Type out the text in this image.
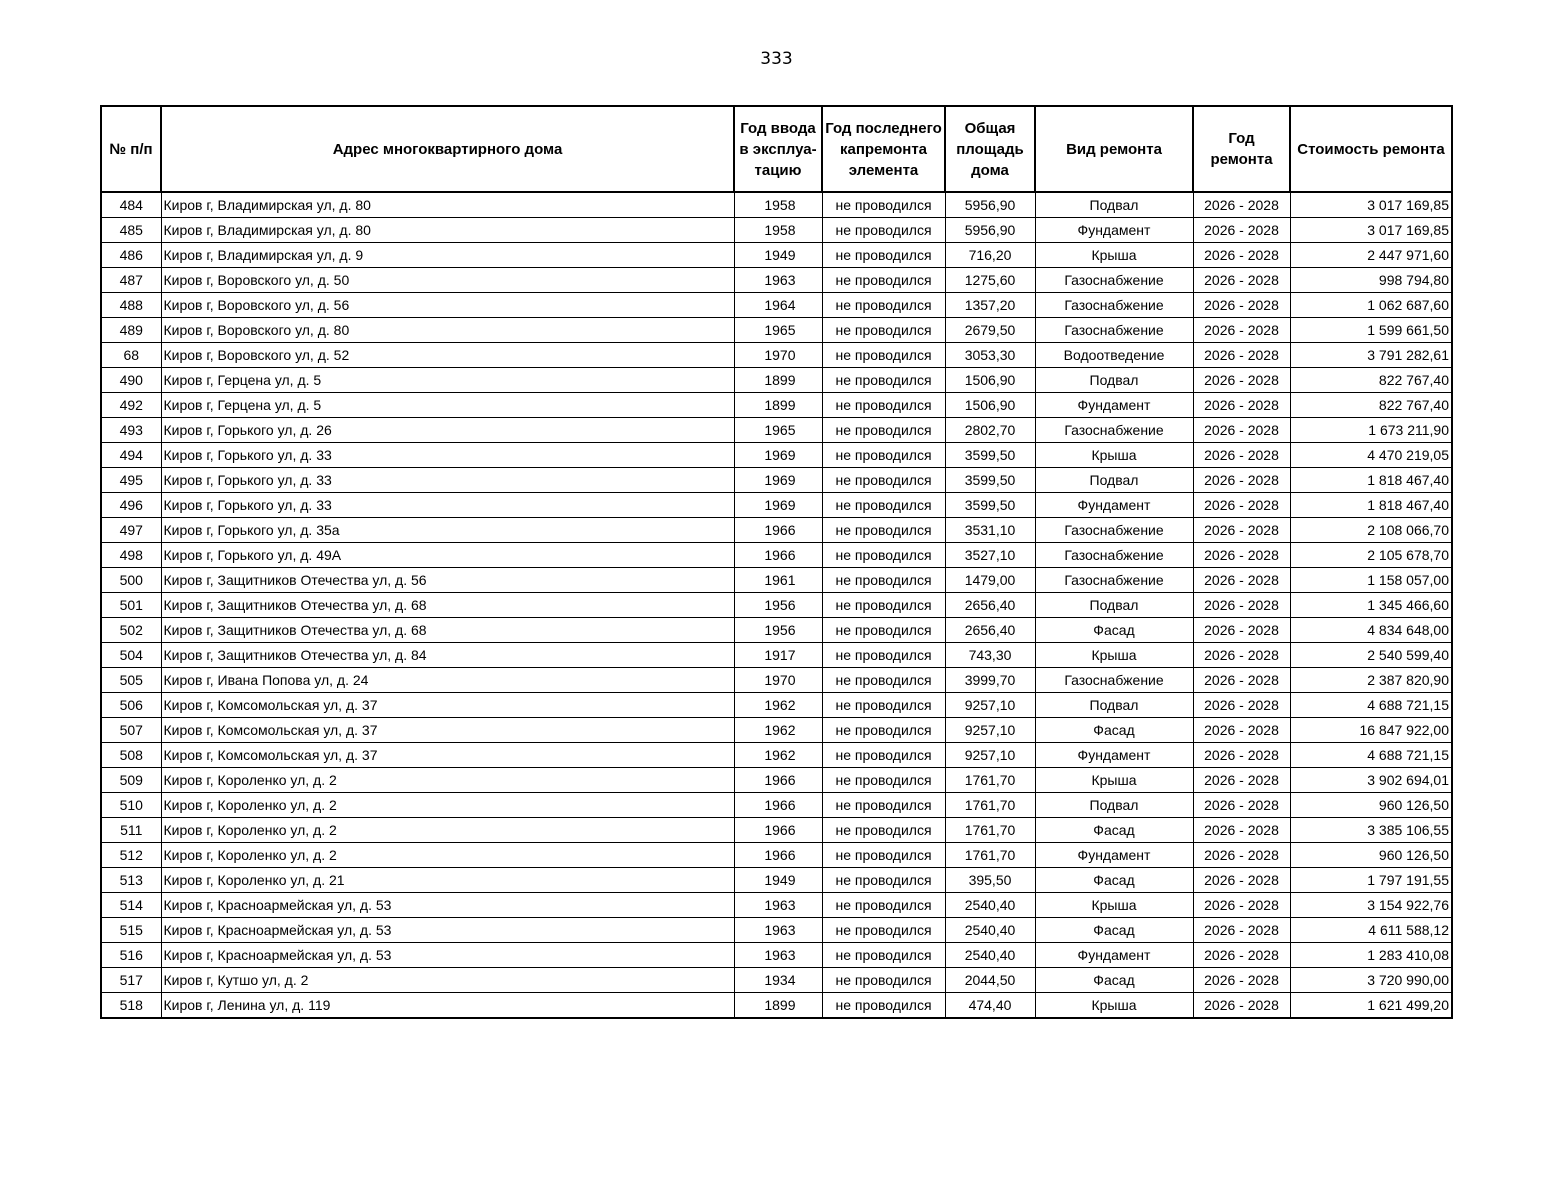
333
№ п/п	Адрес многоквартирного дома	Год ввода в эксплуа-тацию	Год последнего капремонта элемента	Общая площадь дома	Вид ремонта	Год ремонта	Стоимость ремонта
484	Киров г, Владимирская ул, д. 80	1958	не проводился	5956,90	Подвал	2026 - 2028	3 017 169,85
485	Киров г, Владимирская ул, д. 80	1958	не проводился	5956,90	Фундамент	2026 - 2028	3 017 169,85
486	Киров г, Владимирская ул, д. 9	1949	не проводился	716,20	Крыша	2026 - 2028	2 447 971,60
487	Киров г, Воровского ул, д. 50	1963	не проводился	1275,60	Газоснабжение	2026 - 2028	998 794,80
488	Киров г, Воровского ул, д. 56	1964	не проводился	1357,20	Газоснабжение	2026 - 2028	1 062 687,60
489	Киров г, Воровского ул, д. 80	1965	не проводился	2679,50	Газоснабжение	2026 - 2028	1 599 661,50
68	Киров г, Воровского ул, д. 52	1970	не проводился	3053,30	Водоотведение	2026 - 2028	3 791 282,61
490	Киров г, Герцена ул, д. 5	1899	не проводился	1506,90	Подвал	2026 - 2028	822 767,40
492	Киров г, Герцена ул, д. 5	1899	не проводился	1506,90	Фундамент	2026 - 2028	822 767,40
493	Киров г, Горького ул, д. 26	1965	не проводился	2802,70	Газоснабжение	2026 - 2028	1 673 211,90
494	Киров г, Горького ул, д. 33	1969	не проводился	3599,50	Крыша	2026 - 2028	4 470 219,05
495	Киров г, Горького ул, д. 33	1969	не проводился	3599,50	Подвал	2026 - 2028	1 818 467,40
496	Киров г, Горького ул, д. 33	1969	не проводился	3599,50	Фундамент	2026 - 2028	1 818 467,40
497	Киров г, Горького ул, д. 35а	1966	не проводился	3531,10	Газоснабжение	2026 - 2028	2 108 066,70
498	Киров г, Горького ул, д. 49А	1966	не проводился	3527,10	Газоснабжение	2026 - 2028	2 105 678,70
500	Киров г, Защитников Отечества ул, д. 56	1961	не проводился	1479,00	Газоснабжение	2026 - 2028	1 158 057,00
501	Киров г, Защитников Отечества ул, д. 68	1956	не проводился	2656,40	Подвал	2026 - 2028	1 345 466,60
502	Киров г, Защитников Отечества ул, д. 68	1956	не проводился	2656,40	Фасад	2026 - 2028	4 834 648,00
504	Киров г, Защитников Отечества ул, д. 84	1917	не проводился	743,30	Крыша	2026 - 2028	2 540 599,40
505	Киров г, Ивана Попова ул, д. 24	1970	не проводился	3999,70	Газоснабжение	2026 - 2028	2 387 820,90
506	Киров г, Комсомольская ул, д. 37	1962	не проводился	9257,10	Подвал	2026 - 2028	4 688 721,15
507	Киров г, Комсомольская ул, д. 37	1962	не проводился	9257,10	Фасад	2026 - 2028	16 847 922,00
508	Киров г, Комсомольская ул, д. 37	1962	не проводился	9257,10	Фундамент	2026 - 2028	4 688 721,15
509	Киров г, Короленко ул, д. 2	1966	не проводился	1761,70	Крыша	2026 - 2028	3 902 694,01
510	Киров г, Короленко ул, д. 2	1966	не проводился	1761,70	Подвал	2026 - 2028	960 126,50
511	Киров г, Короленко ул, д. 2	1966	не проводился	1761,70	Фасад	2026 - 2028	3 385 106,55
512	Киров г, Короленко ул, д. 2	1966	не проводился	1761,70	Фундамент	2026 - 2028	960 126,50
513	Киров г, Короленко ул, д. 21	1949	не проводился	395,50	Фасад	2026 - 2028	1 797 191,55
514	Киров г, Красноармейская ул, д. 53	1963	не проводился	2540,40	Крыша	2026 - 2028	3 154 922,76
515	Киров г, Красноармейская ул, д. 53	1963	не проводился	2540,40	Фасад	2026 - 2028	4 611 588,12
516	Киров г, Красноармейская ул, д. 53	1963	не проводился	2540,40	Фундамент	2026 - 2028	1 283 410,08
517	Киров г, Кутшо ул, д. 2	1934	не проводился	2044,50	Фасад	2026 - 2028	3 720 990,00
518	Киров г, Ленина ул, д. 119	1899	не проводился	474,40	Крыша	2026 - 2028	1 621 499,20
